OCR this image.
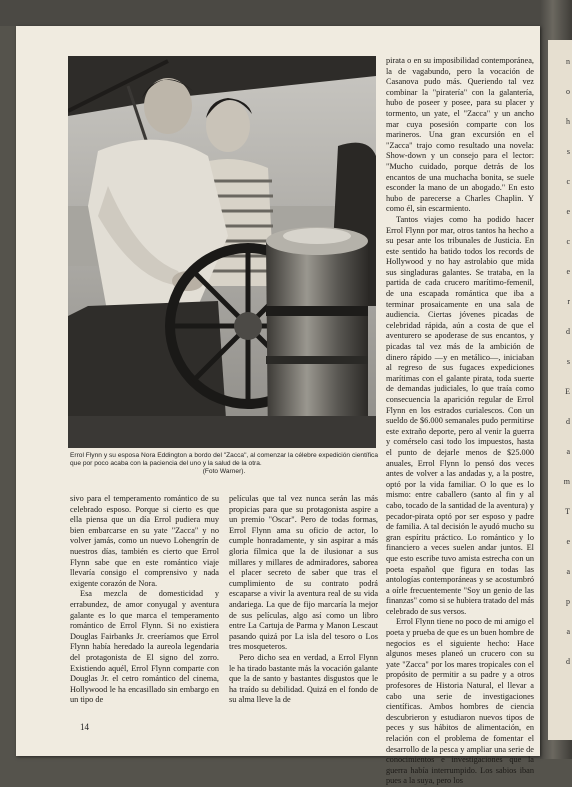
n
o
h
s
c
e
c
e
r
d
s
E
d
a
m
T
e
a
p
a
d
Errol Flynn y su esposa Nora Eddington a bordo del "Zacca", al comenzar la célebre expedición científica que por poco acaba con la paciencia del uno y la salud de la otra.
(Foto Warner).

pirata o en su imposibilidad contemporánea, la de vagabundo, pero la vocación de Casanova pudo más. Queriendo tal vez combinar la "piratería" con la galantería, hubo de poseer y posee, para su placer y tormento, un yate, el "Zacca" y un ancho mar cuya posesión comparte con los marineros. Una gran excursión en el "Zacca" trajo como resultado una novela: Show-down y un consejo para el lector: "Mucho cuidado, porque detrás de los encantos de una muchacha bonita, se suele esconder la mano de un abogado." En esto hubo de parecerse a Charles Chaplin. Y como él, sin escarmiento.

Tantos viajes como ha podido hacer Errol Flynn por mar, otros tantos ha hecho a su pesar ante los tribunales de Justicia. En este sentido ha batido todos los records de Hollywood y no hay astrolabio que mida sus singladuras galantes. Se trataba, en la partida de cada crucero marítimo-femenil, de una escapada romántica que iba a terminar prosaicamente en una sala de audiencia. Ciertas jóvenes picadas de celebridad rápida, aún a costa de que el aventurero se apoderase de sus encantos, y picadas tal vez más de la ambición de dinero rápido —y en metálico—, iniciaban al regreso de sus fugaces expediciones marítimas con el galante pirata, toda suerte de demandas judiciales, lo que traía como consecuencia la aparición regular de Errol Flynn en los estrados curialescos. Con un sueldo de $6.000 semanales pudo permitirse este extraño deporte, pero al venir la guerra y comérselo casi todo los impuestos, hasta el punto de dejarle menos de $25.000 anuales, Errol Flynn lo pensó dos veces antes de volver a las andadas y, a la postre, optó por la vida familiar. O lo que es lo mismo: entre caballero (santo al fin y al cabo, tocado de la santidad de la aventura) y pecador-pirata optó por ser esposo y padre de familia. A tal decisión le ayudó mucho su gran espíritu práctico. Lo romántico y lo financiero a veces suelen andar juntos. El que esto escribe tuvo amista estrecha con un poeta español que figura en todas las antologías contemporáneas y se acostumbró a oírle frecuentemente "Soy un genio de las finanzas" como si se hubiera tratado del más celebrado de sus versos.

Errol Flynn tiene no poco de mi amigo el poeta y prueba de que es un buen hombre de negocios es el siguiente hecho: Hace algunos meses planeó un crucero con su yate "Zacca" por los mares tropicales con el propósito de permitir a su padre y a otros profesores de Historia Natural, el llevar a cabo una serie de investigaciones científicas. Ambos hombres de ciencia descubrieron y estudiaron nuevos tipos de peces y sus hábitos de alimentación, en relación con el problema de fomentar el desarrollo de la pesca y ampliar una serie de conocimientos e investigaciones que la guerra había interrumpido. Los sabios iban pues a la suya, pero los

sivo para el temperamento romántico de su celebrado esposo. Porque si cierto es que ella piensa que un día Errol pudiera muy bien embarcarse en su yate "Zacca" y no volver jamás, como un nuevo Lohengrín de nuestros días, también es cierto que Errol Flynn sabe que en este romántico viaje llevaría consigo el comprensivo y nada exigente corazón de Nora.

Esa mezcla de domesticidad y errabundez, de amor conyugal y aventura galante es lo que marca el temperamento romántico de Errol Flynn. Si no existiera Douglas Fairbanks Jr. creeríamos que Errol Flynn había heredado la aureola legendaria del protagonista de El signo del zorro. Existiendo aquél, Errol Flynn comparte con Douglas Jr. el cetro romántico del cinema, Hollywood le ha encasillado sin embargo en un tipo de

películas que tal vez nunca serán las más propicias para que su protagonista aspire a un premio "Oscar". Pero de todas formas, Errol Flynn ama su oficio de actor, lo cumple honradamente, y sin aspirar a más gloria fílmica que la de ilusionar a sus millares y millares de admiradores, saborea el placer secreto de saber que tras el cumplimiento de su contrato podrá escaparse a vivir la aventura real de su vida andariega. La que de fijo marcaría la mejor de sus películas, algo así como un libro entre La Cartuja de Parma y Manon Lescaut pasando quizá por La isla del tesoro o Los tres mosqueteros.

Pero dicho sea en verdad, a Errol Flynn le ha tirado bastante más la vocación galante que la de santo y bastantes disgustos que le ha traído su debilidad. Quizá en el fondo de su alma lleve la de

14
